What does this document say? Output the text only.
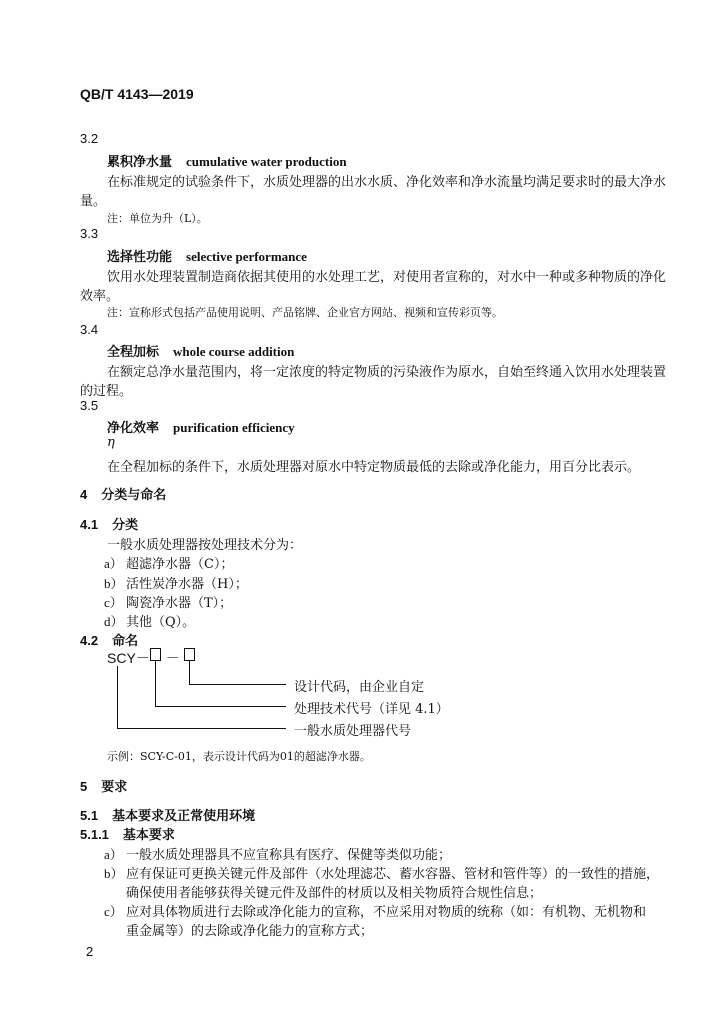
QB/T 4143—2019
3.2
累积净水量 cumulative water production
在标准规定的试验条件下，水质处理器的出水水质、净化效率和净水流量均满足要求时的最大净水
量。
注：单位为升（L）。
3.3
选择性功能 selective performance
饮用水处理装置制造商依据其使用的水处理工艺，对使用者宣称的，对水中一种或多种物质的净化
效率。
注：宣称形式包括产品使用说明、产品铭牌、企业官方网站、视频和宣传彩页等。
3.4
全程加标 whole course addition
在额定总净水量范围内，将一定浓度的特定物质的污染液作为原水，自始至终通入饮用水处理装置
的过程。
3.5
净化效率 purification efficiency
η
在全程加标的条件下，水质处理器对原水中特定物质最低的去除或净化能力，用百分比表示。
4 分类与命名
4.1 分类
一般水质处理器按处理技术分为：
a） 超滤净水器（C）；
b） 活性炭净水器（H）；
c） 陶瓷净水器（T）；
d） 其他（Q）。
4.2 命名
SCY－ －
设计代码，由企业自定
处理技术代号（详见 4.1）
一般水质处理器代号
示例：SCY-C-01，表示设计代码为01的超滤净水器。
5 要求
5.1 基本要求及正常使用环境
5.1.1 基本要求
a） 一般水质处理器具不应宣称具有医疗、保健等类似功能；
b） 应有保证可更换关键元件及部件（水处理滤芯、蓄水容器、管材和管件等）的一致性的措施，
确保使用者能够获得关键元件及部件的材质以及相关物质符合规性信息；
c） 应对具体物质进行去除或净化能力的宣称，不应采用对物质的统称（如：有机物、无机物和
重金属等）的去除或净化能力的宣称方式；
2
